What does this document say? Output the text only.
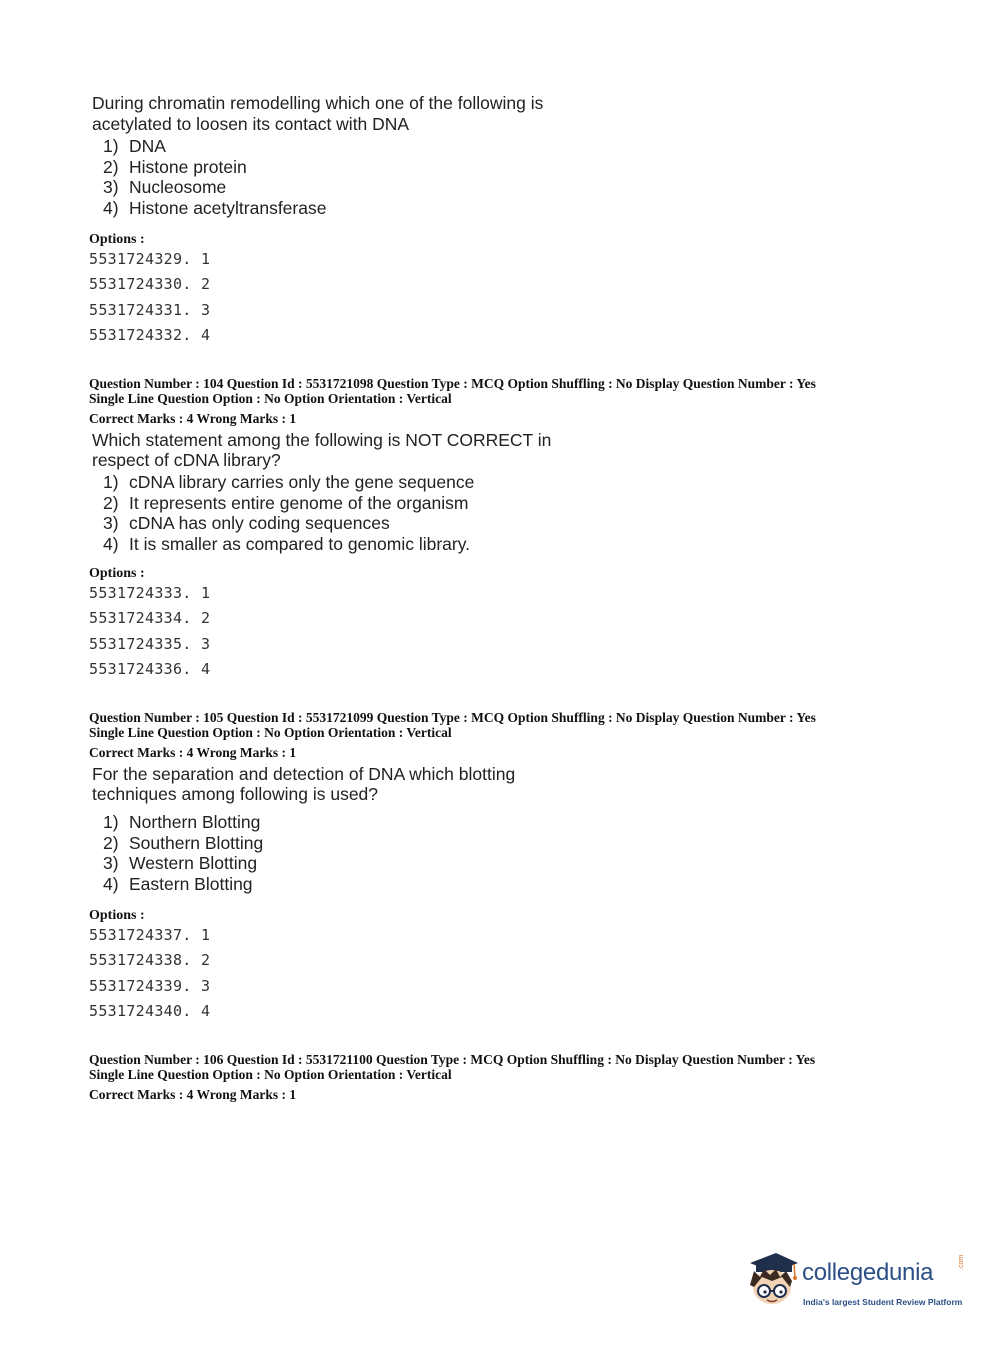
During chromatin remodelling which one of the following is

acetylated to loosen its contact with DNA

1) DNA
2) Histone protein
3) Nucleosome
4) Histone acetyltransferase

Options :

5531724329. 1
5531724330. 2
5531724331. 3
5531724332. 4

Question Number : 104 Question Id : 5531721098 Question Type : MCQ Option Shuffling : No Display Question Number : Yes

Single Line Question Option : No Option Orientation : Vertical

Correct Marks : 4 Wrong Marks : 1

Which statement among the following is NOT CORRECT in

respect of cDNA library?

1) cDNA library carries only the gene sequence
2) It represents entire genome of the organism
3) cDNA has only coding sequences
4) It is smaller as compared to genomic library.

Options :

5531724333. 1
5531724334. 2
5531724335. 3
5531724336. 4

Question Number : 105 Question Id : 5531721099 Question Type : MCQ Option Shuffling : No Display Question Number : Yes

Single Line Question Option : No Option Orientation : Vertical

Correct Marks : 4 Wrong Marks : 1

For the separation and detection of DNA which blotting

techniques among following is used?

1) Northern Blotting
2) Southern Blotting
3) Western Blotting
4) Eastern Blotting

Options :

5531724337. 1
5531724338. 2
5531724339. 3
5531724340. 4

Question Number : 106 Question Id : 5531721100 Question Type : MCQ Option Shuffling : No Display Question Number : Yes

Single Line Question Option : No Option Orientation : Vertical

Correct Marks : 4 Wrong Marks : 1

collegedunia	.com
India's largest Student Review Platform
